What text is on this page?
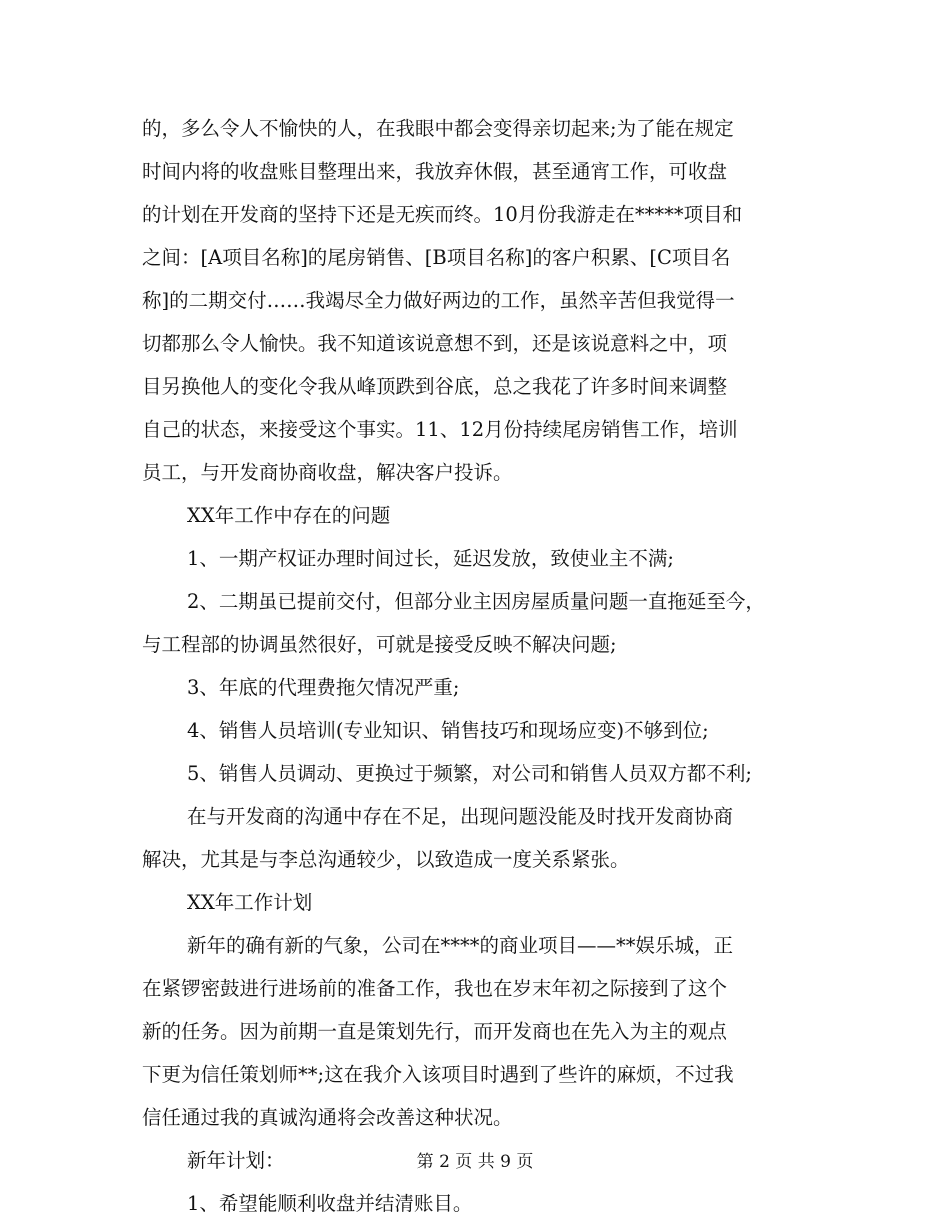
的，多么令人不愉快的人，在我眼中都会变得亲切起来;为了能在规定
时间内将的收盘账目整理出来，我放弃休假，甚至通宵工作，可收盘
的计划在开发商的坚持下还是无疾而终。10月份我游走在*****项目和
之间：[A项目名称]的尾房销售、[B项目名称]的客户积累、[C项目名
称]的二期交付……我竭尽全力做好两边的工作，虽然辛苦但我觉得一
切都那么令人愉快。我不知道该说意想不到，还是该说意料之中，项
目另换他人的变化令我从峰顶跌到谷底，总之我花了许多时间来调整
自己的状态，来接受这个事实。11、12月份持续尾房销售工作，培训
员工，与开发商协商收盘，解决客户投诉。
XX年工作中存在的问题
1、一期产权证办理时间过长，延迟发放，致使业主不满;
2、二期虽已提前交付，但部分业主因房屋质量问题一直拖延至今，
与工程部的协调虽然很好，可就是接受反映不解决问题;
3、年底的代理费拖欠情况严重;
4、销售人员培训(专业知识、销售技巧和现场应变)不够到位;
5、销售人员调动、更换过于频繁，对公司和销售人员双方都不利;
在与开发商的沟通中存在不足，出现问题没能及时找开发商协商
解决，尤其是与李总沟通较少，以致造成一度关系紧张。
XX年工作计划
新年的确有新的气象，公司在****的商业项目——**娱乐城，正
在紧锣密鼓进行进场前的准备工作，我也在岁末年初之际接到了这个
新的任务。因为前期一直是策划先行，而开发商也在先入为主的观点
下更为信任策划师**;这在我介入该项目时遇到了些许的麻烦，不过我
信任通过我的真诚沟通将会改善这种状况。
新年计划：
1、希望能顺利收盘并结清账目。
第 2 页 共 9 页
